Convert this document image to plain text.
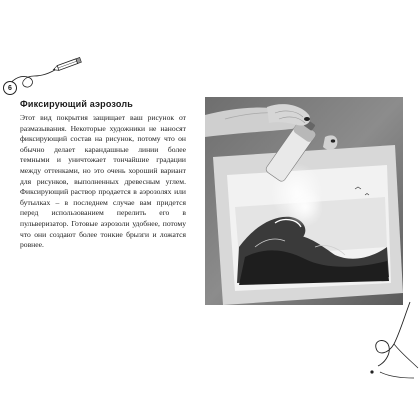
6
Фиксирующий аэрозоль

Этот вид покрытия защищает ваш рисунок от размазывания. Некоторые художники не наносят фиксирующий состав на рисунок, потому что он обычно делает карандашные линии более темными и уничтожает тончайшие градации между оттенками, но это очень хороший вариант для рисунков, выполненных древесным углем. Фиксирующий раствор продается в аэрозолях или бутылках – в последнем случае вам придется перед использованием перелить его в пульверизатор. Готовые аэрозоли удобнее, потому что они создают более тонкие брызги и ложатся ровнее.
